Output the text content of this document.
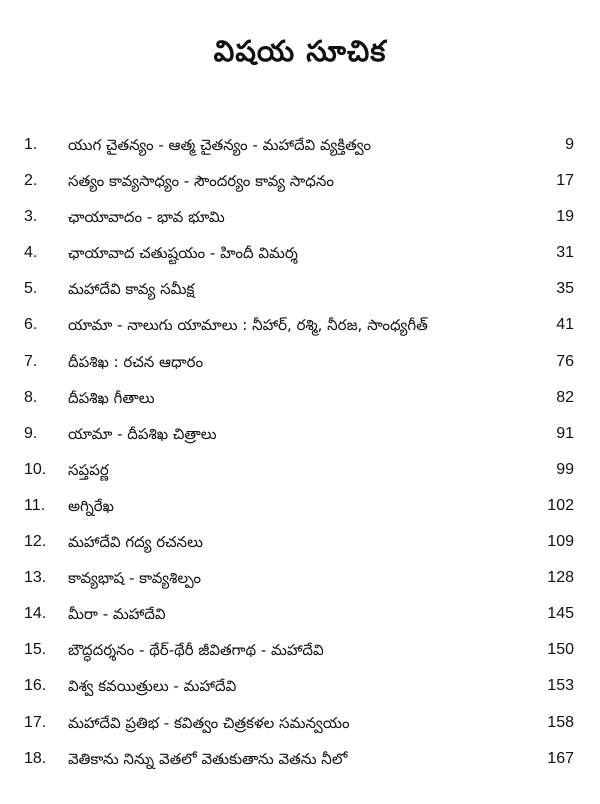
విషయ సూచిక
1.	యుగ చైతన్యం - ఆత్మ చైతన్యం - మహాదేవి వ్యక్తిత్వం	9
2.	సత్యం కావ్యసాధ్యం - సౌందర్యం కావ్య సాధనం	17
3.	ఛాయావాదం - భావ భూమి	19
4.	ఛాయావాద చతుష్టయం - హిందీ విమర్శ	31
5.	మహాదేవి కావ్య సమీక్ష	35
6.	యామా - నాలుగు యామాలు : నీహార్, రశ్మి, నీరజ, సాంధ్యగీత్	41
7.	దీపశిఖ : రచన ఆధారం	76
8.	దీపశిఖ గీతాలు	82
9.	యామా - దీపశిఖ చిత్రాలు	91
10.	సప్తపర్ణ	99
11.	అగ్నిరేఖ	102
12.	మహాదేవి గద్య రచనలు	109
13.	కావ్యభాష - కావ్యశిల్పం	128
14.	మీరా - మహాదేవి	145
15.	బౌద్ధదర్శనం - థేర్-థేరీ జీవితగాథ - మహాదేవి	150
16.	విశ్వ కవయిత్రులు - మహాదేవి	153
17.	మహాదేవి ప్రతిభ - కవిత్వం చిత్రకళల సమన్వయం	158
18.	వెతికాను నిన్ను వెతలో వెతుకుతాను వెతను నీలో	167
